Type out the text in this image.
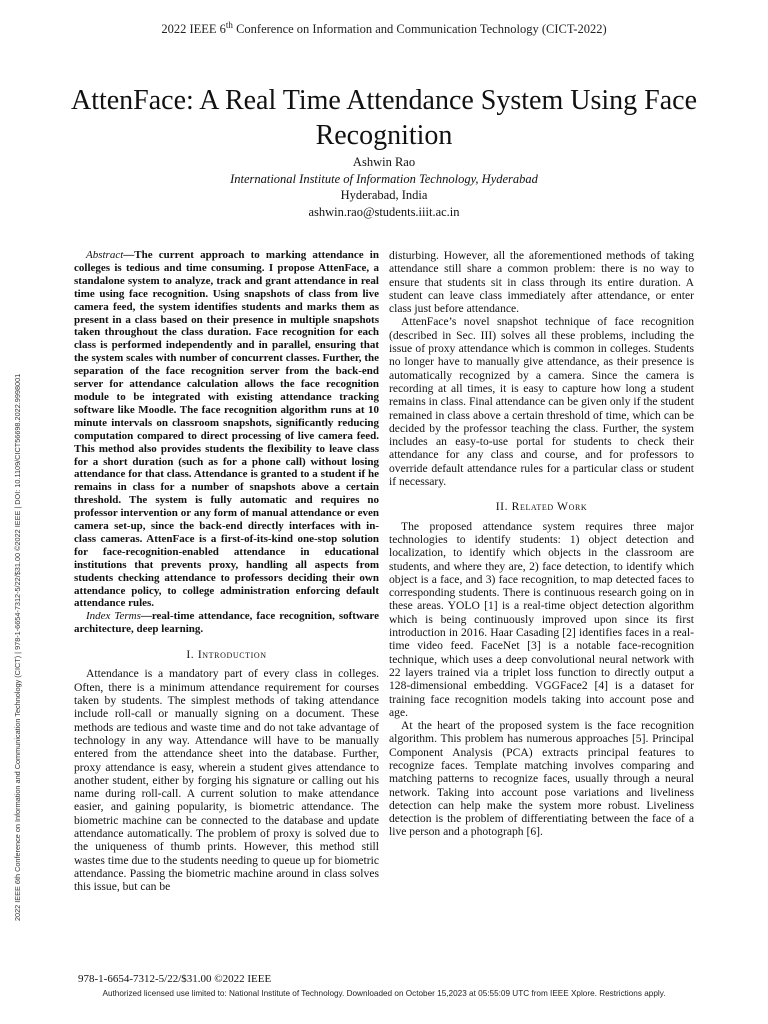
2022 IEEE 6th Conference on Information and Communication Technology (CICT-2022)
AttenFace: A Real Time Attendance System Using Face Recognition
Ashwin Rao
International Institute of Information Technology, Hyderabad
Hyderabad, India
ashwin.rao@students.iiit.ac.in
2022 IEEE 6th Conference on Information and Communication Technology (CICT) | 978-1-6654-7312-5/22/$31.00 ©2022 IEEE | DOI: 10.1109/CICT56698.2022.9998001

Abstract—The current approach to marking attendance in colleges is tedious and time consuming. I propose AttenFace, a standalone system to analyze, track and grant attendance in real time using face recognition. Using snapshots of class from live camera feed, the system identifies students and marks them as present in a class based on their presence in multiple snapshots taken throughout the class duration. Face recognition for each class is performed independently and in parallel, ensuring that the system scales with number of concurrent classes. Further, the separation of the face recognition server from the back-end server for attendance calculation allows the face recognition module to be integrated with existing attendance tracking software like Moodle. The face recognition algorithm runs at 10 minute intervals on classroom snapshots, significantly reducing computation compared to direct processing of live camera feed. This method also provides students the flexibility to leave class for a short duration (such as for a phone call) without losing attendance for that class. Attendance is granted to a student if he remains in class for a number of snapshots above a certain threshold. The system is fully automatic and requires no professor intervention or any form of manual attendance or even camera set-up, since the back-end directly interfaces with in-class cameras. AttenFace is a first-of-its-kind one-stop solution for face-recognition-enabled attendance in educational institutions that prevents proxy, handling all aspects from students checking attendance to professors deciding their own attendance policy, to college administration enforcing default attendance rules.

Index Terms—real-time attendance, face recognition, software architecture, deep learning.

I. Introduction

Attendance is a mandatory part of every class in colleges. Often, there is a minimum attendance requirement for courses taken by students. The simplest methods of taking attendance include roll-call or manually signing on a document. These methods are tedious and waste time and do not take advantage of technology in any way. Attendance will have to be manually entered from the attendance sheet into the database. Further, proxy attendance is easy, wherein a student gives attendance to another student, either by forging his signature or calling out his name during roll-call. A current solution to make attendance easier, and gaining popularity, is biometric attendance. The biometric machine can be connected to the database and update attendance automatically. The problem of proxy is solved due to the uniqueness of thumb prints. However, this method still wastes time due to the students needing to queue up for biometric attendance. Passing the biometric machine around in class solves this issue, but can be

disturbing. However, all the aforementioned methods of taking attendance still share a common problem: there is no way to ensure that students sit in class through its entire duration. A student can leave class immediately after attendance, or enter class just before attendance.

AttenFace’s novel snapshot technique of face recognition (described in Sec. III) solves all these problems, including the issue of proxy attendance which is common in colleges. Students no longer have to manually give attendance, as their presence is automatically recognized by a camera. Since the camera is recording at all times, it is easy to capture how long a student remains in class. Final attendance can be given only if the student remained in class above a certain threshold of time, which can be decided by the professor teaching the class. Further, the system includes an easy-to-use portal for students to check their attendance for any class and course, and for professors to override default attendance rules for a particular class or student if necessary.

II. Related Work

The proposed attendance system requires three major technologies to identify students: 1) object detection and localization, to identify which objects in the classroom are students, and where they are, 2) face detection, to identify which object is a face, and 3) face recognition, to map detected faces to corresponding students. There is continuous research going on in these areas. YOLO [1] is a real-time object detection algorithm which is being continuously improved upon since its first introduction in 2016. Haar Casading [2] identifies faces in a real-time video feed. FaceNet [3] is a notable face-recognition technique, which uses a deep convolutional neural network with 22 layers trained via a triplet loss function to directly output a 128-dimensional embedding. VGGFace2 [4] is a dataset for training face recognition models taking into account pose and age.

At the heart of the proposed system is the face recognition algorithm. This problem has numerous approaches [5]. Principal Component Analysis (PCA) extracts principal features to recognize faces. Template matching involves comparing and matching patterns to recognize faces, usually through a neural network. Taking into account pose variations and liveliness detection can help make the system more robust. Liveliness detection is the problem of differentiating between the face of a live person and a photograph [6].

978-1-6654-7312-5/22/$31.00 ©2022 IEEE
Authorized licensed use limited to: National Institute of Technology. Downloaded on October 15,2023 at 05:55:09 UTC from IEEE Xplore. Restrictions apply.
